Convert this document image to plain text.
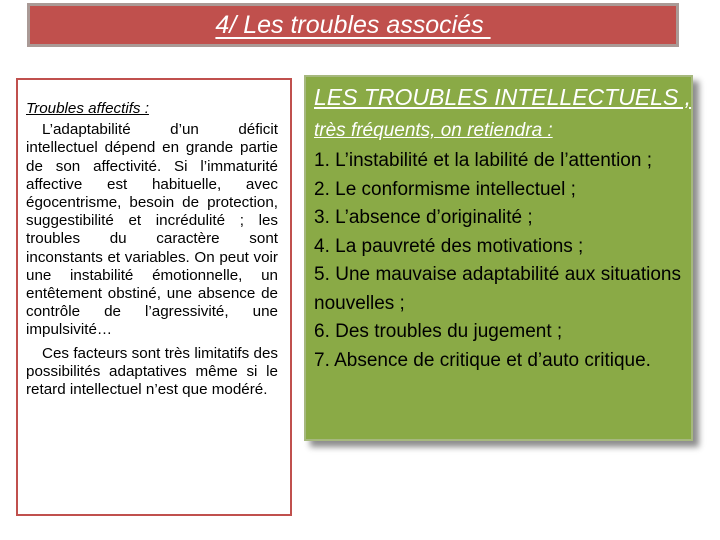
4/ Les troubles associés
Troubles affectifs :

L’adaptabilité d’un déficit intellectuel dépend en grande partie de son affectivité. Si l’immaturité affective est habituelle, avec égocentrisme, besoin de protection, suggestibilité et incrédulité ; les troubles du caractère sont inconstants et variables. On peut voir une instabilité émotionnelle, un entêtement obstiné, une absence de contrôle de l’agressivité, une impulsivité…

Ces facteurs sont très limitatifs des possibilités adaptatives même si le retard intellectuel n’est que modéré.

LES TROUBLES INTELLECTUELS ,
très fréquents, on retiendra :

1. L’instabilité et la labilité de l’attention ;

2. Le conformisme intellectuel ;

3. L’absence d’originalité ;

4. La pauvreté des motivations ;

5. Une mauvaise adaptabilité aux situations nouvelles ;

6. Des troubles du jugement ;

7. Absence de critique et d’auto critique.
